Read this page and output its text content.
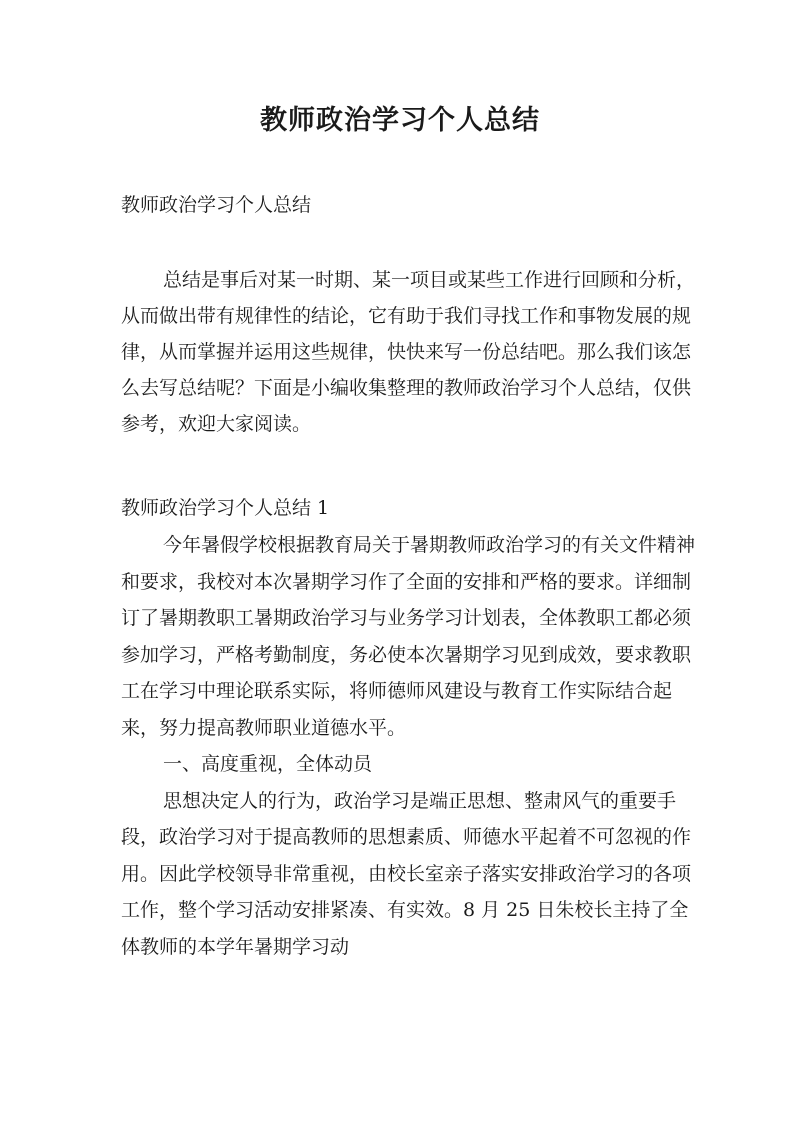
教师政治学习个人总结

教师政治学习个人总结

总结是事后对某一时期、某一项目或某些工作进行回顾和分析，从而做出带有规律性的结论，它有助于我们寻找工作和事物发展的规律，从而掌握并运用这些规律，快快来写一份总结吧。那么我们该怎么去写总结呢？下面是小编收集整理的教师政治学习个人总结，仅供参考，欢迎大家阅读。

教师政治学习个人总结 1

今年暑假学校根据教育局关于暑期教师政治学习的有关文件精神和要求，我校对本次暑期学习作了全面的安排和严格的要求。详细制订了暑期教职工暑期政治学习与业务学习计划表，全体教职工都必须参加学习，严格考勤制度，务必使本次暑期学习见到成效，要求教职工在学习中理论联系实际，将师德师风建设与教育工作实际结合起来，努力提高教师职业道德水平。

一、高度重视，全体动员

思想决定人的行为，政治学习是端正思想、整肃风气的重要手段，政治学习对于提高教师的思想素质、师德水平起着不可忽视的作用。因此学校领导非常重视，由校长室亲子落实安排政治学习的各项工作，整个学习活动安排紧凑、有实效。8 月 25 日朱校长主持了全体教师的本学年暑期学习动
